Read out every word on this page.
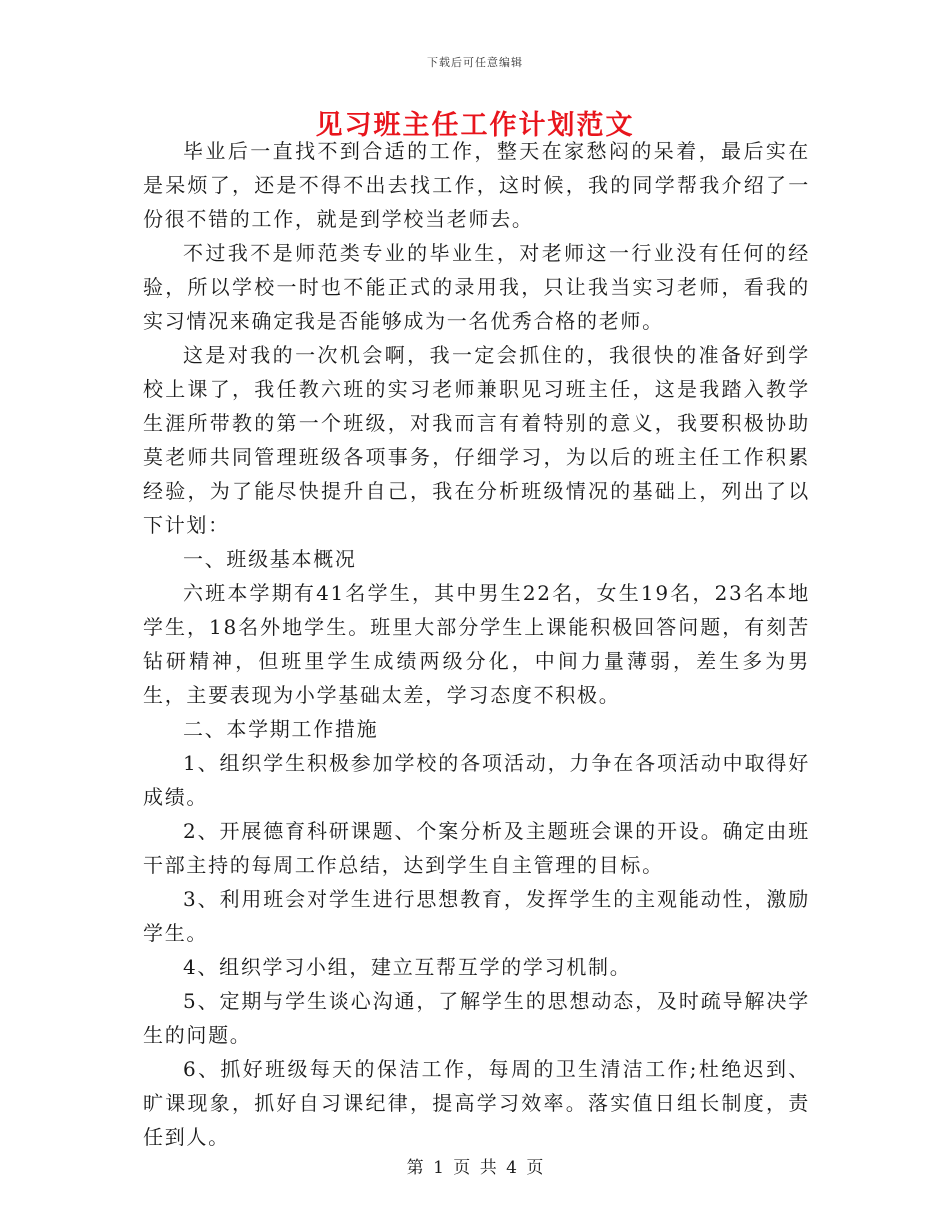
下载后可任意编辑
见习班主任工作计划范文

毕业后一直找不到合适的工作，整天在家愁闷的呆着，最后实在是呆烦了，还是不得不出去找工作，这时候，我的同学帮我介绍了一份很不错的工作，就是到学校当老师去。

不过我不是师范类专业的毕业生，对老师这一行业没有任何的经验，所以学校一时也不能正式的录用我，只让我当实习老师，看我的实习情况来确定我是否能够成为一名优秀合格的老师。

这是对我的一次机会啊，我一定会抓住的，我很快的准备好到学校上课了，我任教六班的实习老师兼职见习班主任，这是我踏入教学生涯所带教的第一个班级，对我而言有着特别的意义，我要积极协助莫老师共同管理班级各项事务，仔细学习，为以后的班主任工作积累经验，为了能尽快提升自己，我在分析班级情况的基础上，列出了以下计划：

一、班级基本概况

六班本学期有41名学生，其中男生22名，女生19名，23名本地学生，18名外地学生。班里大部分学生上课能积极回答问题，有刻苦钻研精神，但班里学生成绩两级分化，中间力量薄弱，差生多为男生，主要表现为小学基础太差，学习态度不积极。

二、本学期工作措施

1、组织学生积极参加学校的各项活动，力争在各项活动中取得好成绩。

2、开展德育科研课题、个案分析及主题班会课的开设。确定由班干部主持的每周工作总结，达到学生自主管理的目标。

3、利用班会对学生进行思想教育，发挥学生的主观能动性，激励学生。

4、组织学习小组，建立互帮互学的学习机制。

5、定期与学生谈心沟通，了解学生的思想动态，及时疏导解决学生的问题。

6、抓好班级每天的保洁工作，每周的卫生清洁工作;杜绝迟到、旷课现象，抓好自习课纪律，提高学习效率。落实值日组长制度，责任到人。

第 1 页 共 4 页
